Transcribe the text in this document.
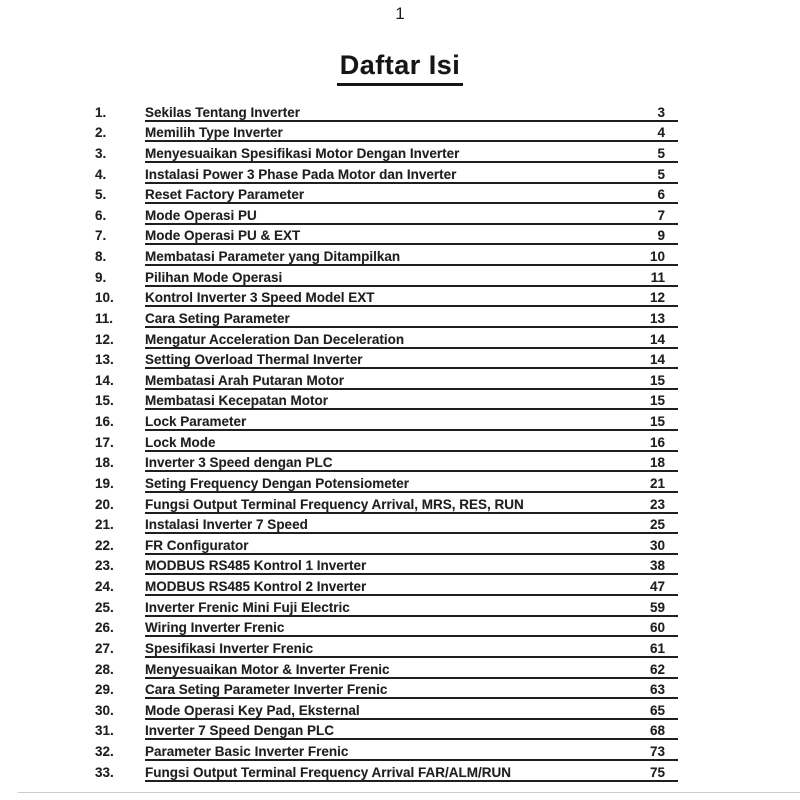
1
Daftar Isi
1.	Sekilas Tentang Inverter	3
2.	Memilih Type Inverter	4
3.	Menyesuaikan Spesifikasi Motor Dengan Inverter	5
4.	Instalasi Power 3 Phase Pada Motor dan Inverter	5
5.	Reset Factory Parameter	6
6.	Mode Operasi PU	7
7.	Mode Operasi PU & EXT	9
8.	Membatasi Parameter yang Ditampilkan	10
9.	Pilihan Mode Operasi	11
10.	Kontrol Inverter 3 Speed Model EXT	12
11.	Cara Seting Parameter	13
12.	Mengatur Acceleration Dan Deceleration	14
13.	Setting Overload Thermal Inverter	14
14.	Membatasi Arah Putaran Motor	15
15.	Membatasi Kecepatan Motor	15
16.	Lock Parameter	15
17.	Lock Mode	16
18.	Inverter 3 Speed dengan PLC	18
19.	Seting Frequency Dengan Potensiometer	21
20.	Fungsi Output Terminal Frequency Arrival, MRS, RES, RUN	23
21.	Instalasi Inverter 7 Speed	25
22.	FR Configurator	30
23.	MODBUS RS485 Kontrol 1 Inverter	38
24.	MODBUS RS485 Kontrol 2 Inverter	47
25.	Inverter Frenic Mini Fuji Electric	59
26.	Wiring Inverter Frenic	60
27.	Spesifikasi Inverter Frenic	61
28.	Menyesuaikan Motor & Inverter Frenic	62
29.	Cara Seting Parameter Inverter Frenic	63
30.	Mode Operasi Key Pad, Eksternal	65
31.	Inverter 7 Speed Dengan PLC	68
32.	Parameter Basic Inverter Frenic	73
33.	Fungsi Output Terminal Frequency Arrival FAR/ALM/RUN	75
